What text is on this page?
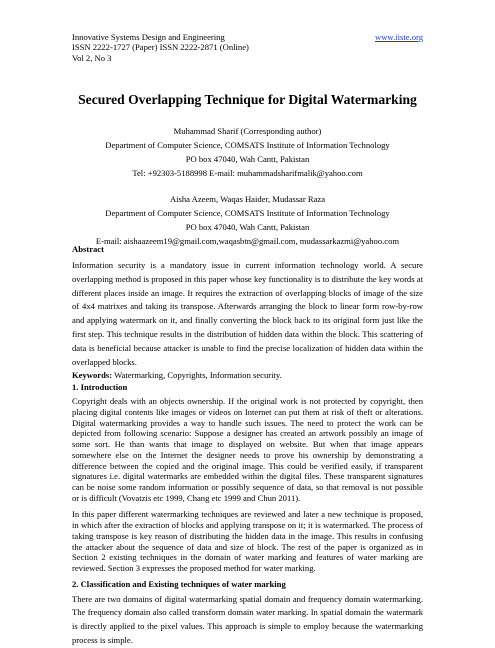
Innovative Systems Design and Engineering
ISSN 2222-1727 (Paper) ISSN 2222-2871 (Online)
Vol 2, No 3
www.iiste.org
Secured Overlapping Technique for Digital Watermarking
Muhammad Sharif (Corresponding author)
Department of Computer Science, COMSATS Institute of Information Technology
PO box 47040, Wah Cantt, Pakistan
Tel: +92303-5188998 E-mail: muhammadsharifmalik@yahoo.com
Aisha Azeem, Waqas Haider, Mudassar Raza
Department of Computer Science, COMSATS Institute of Information Technology
PO box 47040, Wah Cantt, Pakistan
E-mail: aishaazeem19@gmail.com,waqasbtn@gmail.com, mudassarkazmi@yahoo.com

Abstract

Information security is a mandatory issue in current information technology world. A secure overlapping method is proposed in this paper whose key functionality is to distribute the key words at different places inside an image. It requires the extraction of overlapping blocks of image of the size of 4x4 matrixes and taking its transpose. Afterwards arranging the block to linear form row-by-row and applying watermark on it, and finally converting the block back to its original form just like the first step. This technique results in the distribution of hidden data within the block. This scattering of data is beneficial because attacker is unable to find the precise localization of hidden data within the overlapped blocks.

Keywords: Watermarking, Copyrights, Information security.

1. Introduction

Copyright deals with an objects ownership. If the original work is not protected by copyright, then placing digital contents like images or videos on Internet can put them at risk of theft or alterations. Digital watermarking provides a way to handle such issues. The need to protect the work can be depicted from following scenario: Suppose a designer has created an artwork possibly an image of some sort. He than wants that image to displayed on website. But when that image appears somewhere else on the Internet the designer needs to prove his ownership by demonstrating a difference between the copied and the original image. This could be verified easily, if transparent signatures i.e. digital watermarks are embedded within the digital files. These transparent signatures can be noise some random information or possibly sequence of data, so that removal is not possible or is difficult (Vovatzis etc 1999, Chang etc 1999 and Chun 2011).

In this paper different watermarking techniques are reviewed and later a new technique is proposed, in which after the extraction of blocks and applying transpose on it; it is watermarked. The process of taking transpose is key reason of distributing the hidden data in the image. This results in confusing the attacker about the sequence of data and size of block. The rest of the paper is organized as in Section 2 existing techniques in the domain of water marking and features of water marking are reviewed. Section 3 expresses the proposed method for water marking.

2. Classification and Existing techniques of water marking

There are two domains of digital watermarking spatial domain and frequency domain watermarking. The frequency domain also called transform domain water marking. In spatial domain the watermark is directly applied to the pixel values. This approach is simple to employ because the watermarking process is simple.
